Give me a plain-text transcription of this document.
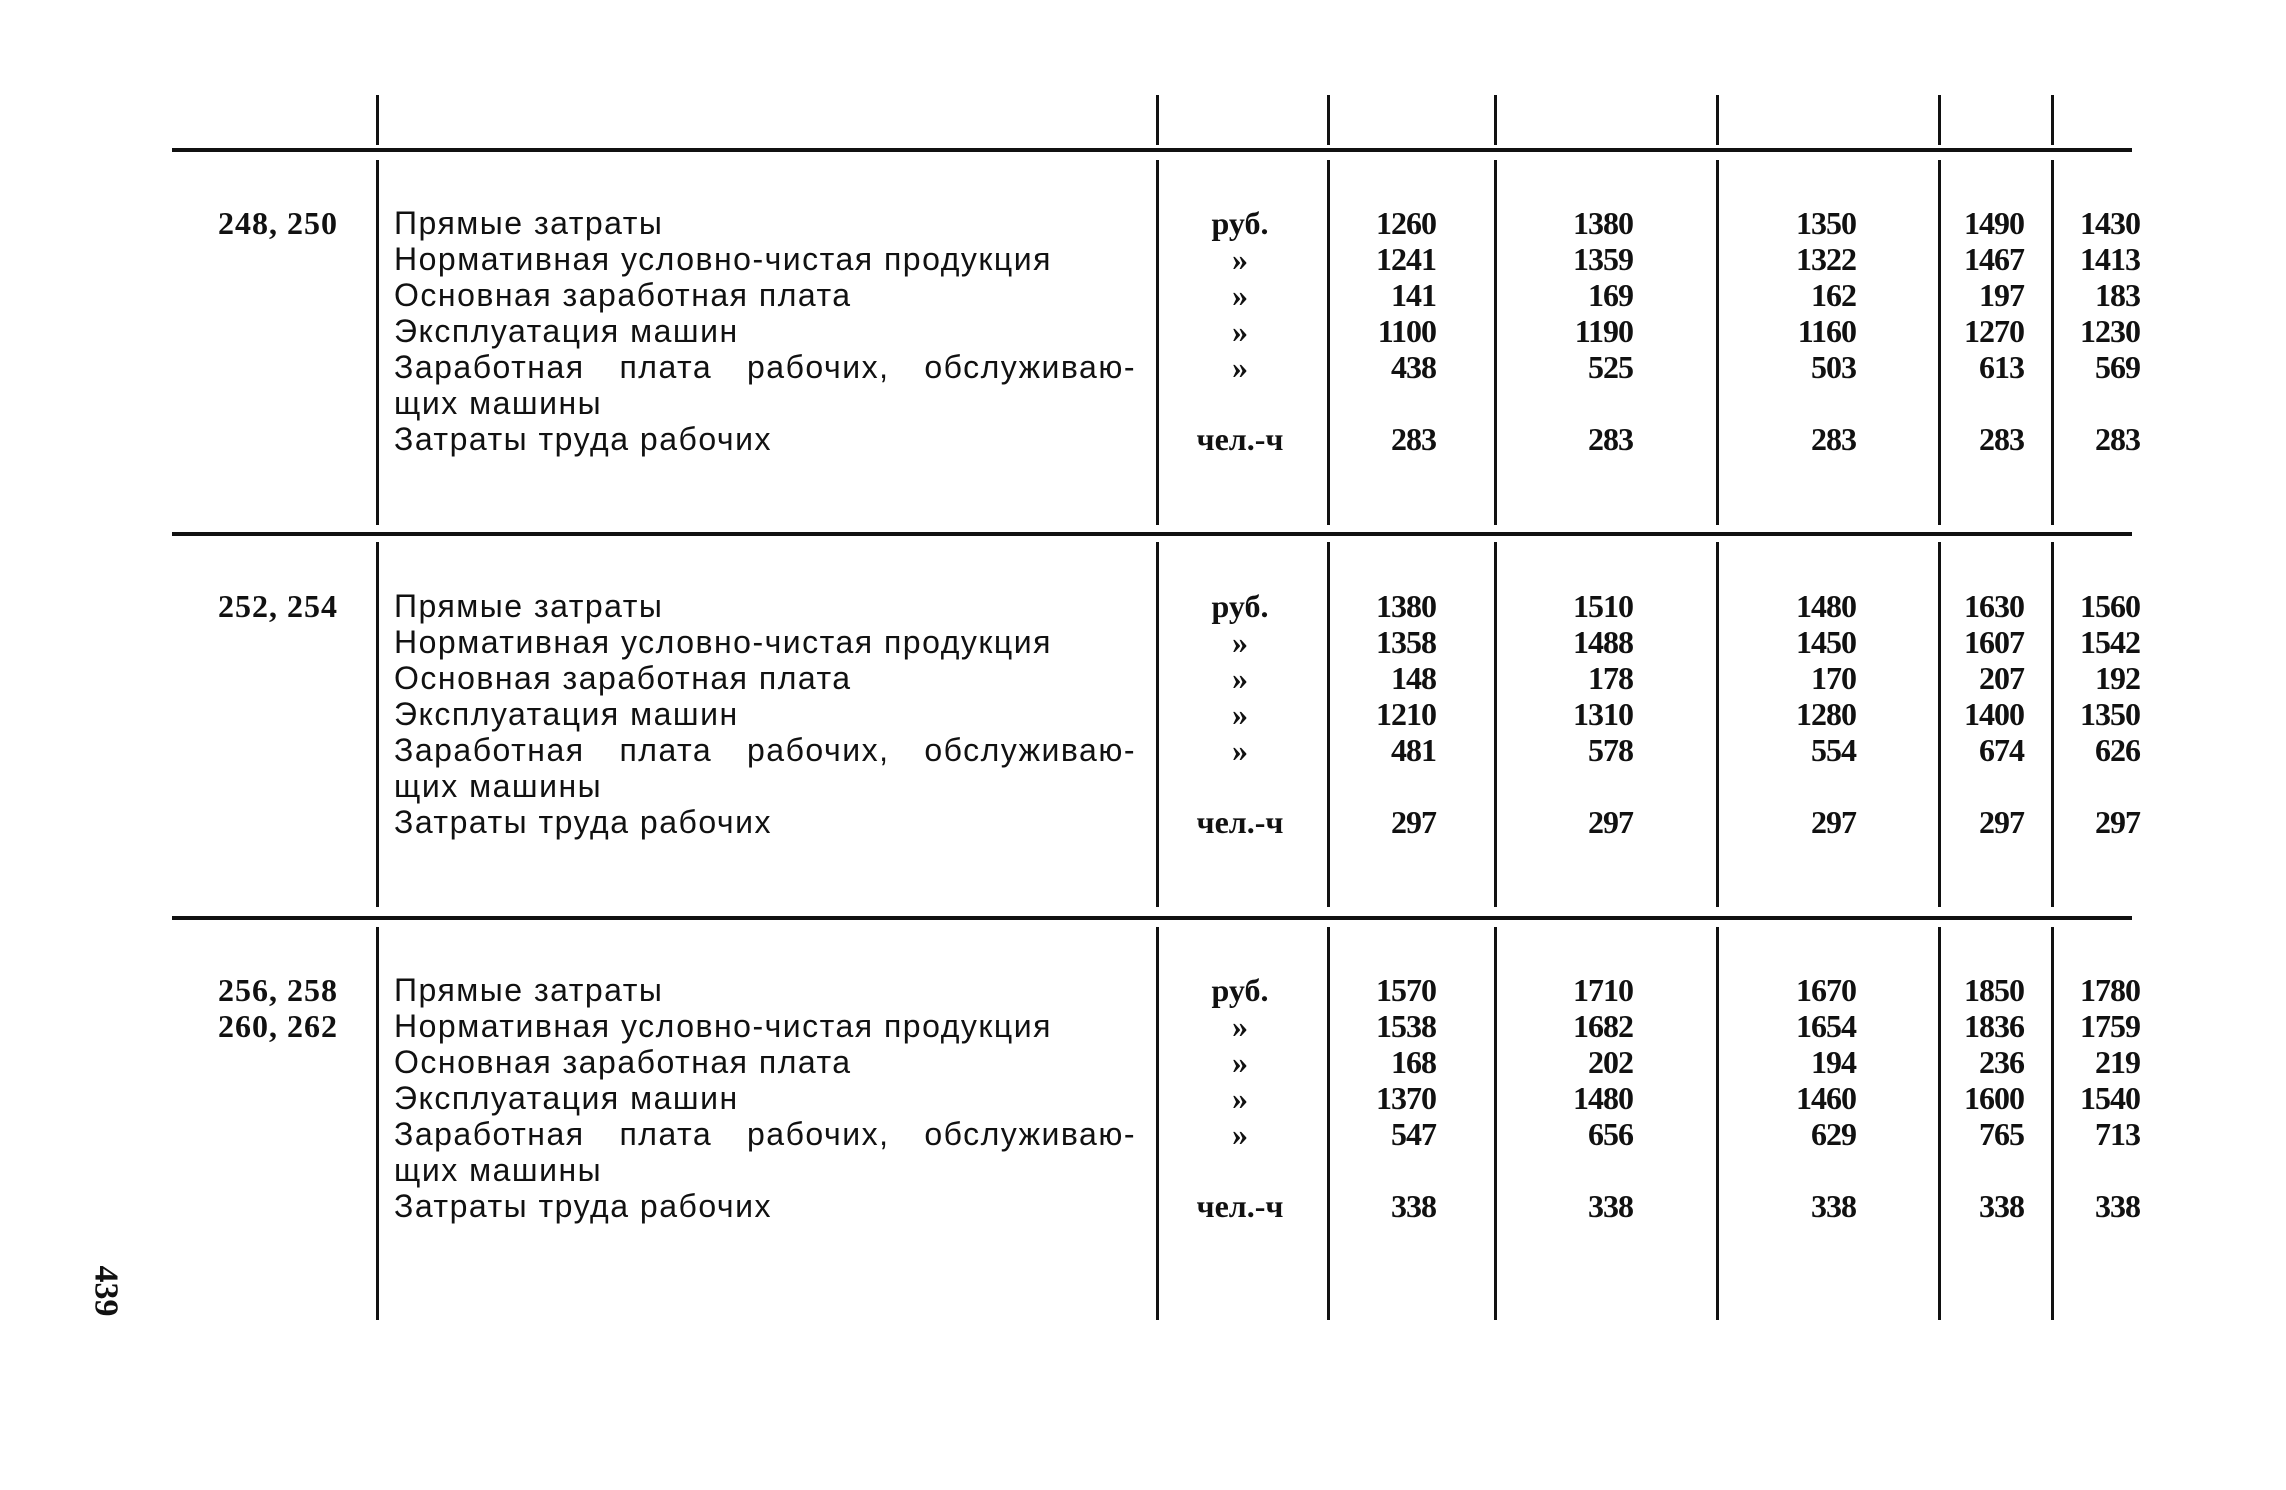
248, 250 Прямые затраты	руб.	1260	1380	1350	1490	1430
Нормативная условно-чистая продукция	»	1241	1359	1322	1467	1413
Основная заработная плата	»	141	169	162	197	183
Эксплуатация машин	»	1100	1190	1160	1270	1230
Заработная плата рабочих, обслуживаю-	»	438	525	503	613	569
щих машины
Затраты труда рабочих	чел.-ч	283	283	283	283	283
252, 254 Прямые затраты	руб.	1380	1510	1480	1630	1560
Нормативная условно-чистая продукция	»	1358	1488	1450	1607	1542
Основная заработная плата	»	148	178	170	207	192
Эксплуатация машин	»	1210	1310	1280	1400	1350
Заработная плата рабочих, обслуживаю-	»	481	578	554	674	626
щих машины
Затраты труда рабочих	чел.-ч	297	297	297	297	297
256, 258
260, 262
Прямые затраты	руб.	1570	1710	1670	1850	1780
Нормативная условно-чистая продукция	»	1538	1682	1654	1836	1759
Основная заработная плата	»	168	202	194	236	219
Эксплуатация машин	»	1370	1480	1460	1600	1540
Заработная плата рабочих, обслуживаю-	»	547	656	629	765	713
щих машины
Затраты труда рабочих	чел.-ч	338	338	338	338	338
439
